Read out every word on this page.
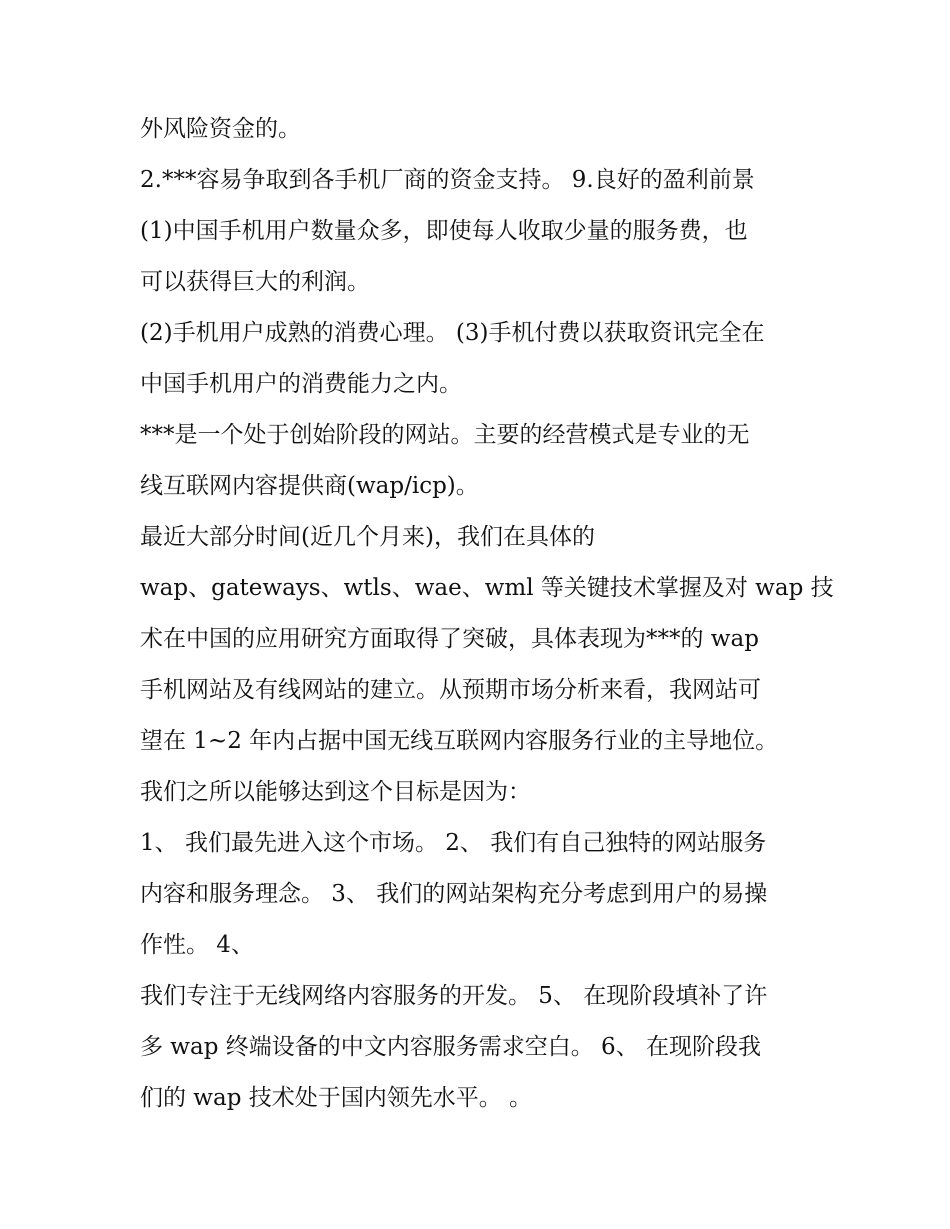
外风险资金的。
2.***容易争取到各手机厂商的资金支持。 9.良好的盈利前景
(1)中国手机用户数量众多，即使每人收取少量的服务费，也
可以获得巨大的利润。
(2)手机用户成熟的消费心理。 (3)手机付费以获取资讯完全在
中国手机用户的消费能力之内。
***是一个处于创始阶段的网站。主要的经营模式是专业的无
线互联网内容提供商(wap/icp)。
最近大部分时间(近几个月来)，我们在具体的
wap、gateways、wtls、wae、wml 等关键技术掌握及对 wap 技
术在中国的应用研究方面取得了突破，具体表现为***的 wap
手机网站及有线网站的建立。从预期市场分析来看，我网站可
望在 1~2 年内占据中国无线互联网内容服务行业的主导地位。
我们之所以能够达到这个目标是因为：
1、 我们最先进入这个市场。 2、 我们有自己独特的网站服务
内容和服务理念。 3、 我们的网站架构充分考虑到用户的易操
作性。 4、
我们专注于无线网络内容服务的开发。 5、 在现阶段填补了许
多 wap 终端设备的中文内容服务需求空白。 6、 在现阶段我
们的 wap 技术处于国内领先水平。 。
